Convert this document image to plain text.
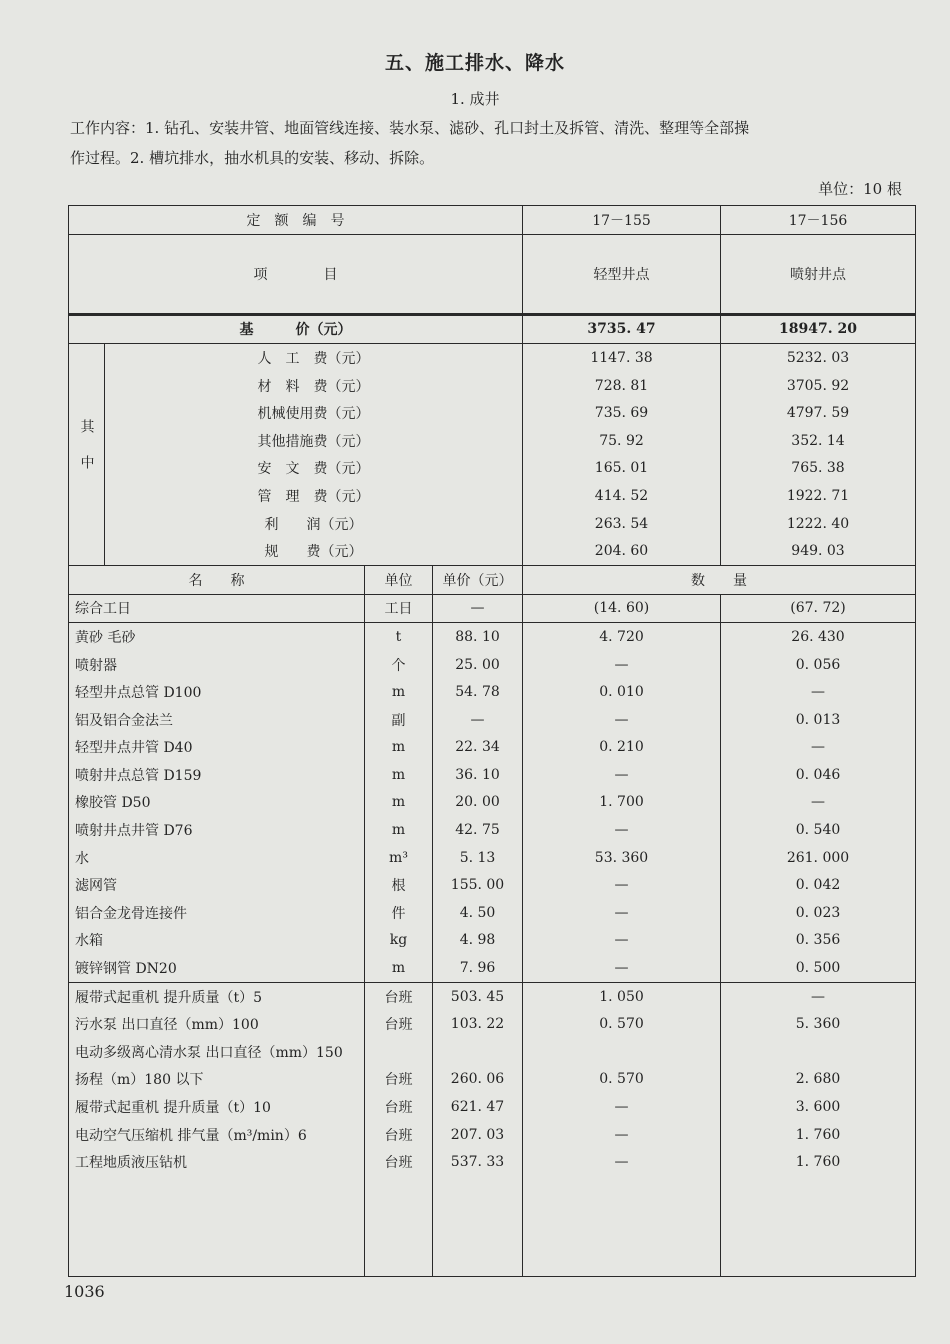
五、施工排水、降水
1. 成井
工作内容：1. 钻孔、安装井管、地面管线连接、装水泵、滤砂、孔口封土及拆管、清洗、整理等全部操
作过程。2. 槽坑排水，抽水机具的安装、移动、拆除。
单位：10 根
定　额　编　号				17－155	17－156
项　　　　目				轻型井点	喷射井点
基　　　价（元）				3735. 47	18947. 20
其中	人　工　费（元）			1147. 38	5232. 03
	材　料　费（元）			728. 81	3705. 92
	机械使用费（元）			735. 69	4797. 59
	其他措施费（元）			75. 92	352. 14
	安　文　费（元）			165. 01	765. 38
	管　理　费（元）			414. 52	1922. 71
	利　　润（元）			263. 54	1222. 40
	规　　费（元）			204. 60	949. 03
名　　称		单位	单价（元）	数　　量	
综合工日		工日	—	(14. 60)	(67. 72)
黄砂 毛砂		t	88. 10	4. 720	26. 430
喷射器		个	25. 00	—	0. 056
轻型井点总管 D100		m	54. 78	0. 010	—
铝及铝合金法兰		副	—	—	0. 013
轻型井点井管 D40		m	22. 34	0. 210	—
喷射井点总管 D159		m	36. 10	—	0. 046
橡胶管 D50		m	20. 00	1. 700	—
喷射井点井管 D76		m	42. 75	—	0. 540
水		m³	5. 13	53. 360	261. 000
滤网管		根	155. 00	—	0. 042
铝合金龙骨连接件		件	4. 50	—	0. 023
水箱		kg	4. 98	—	0. 356
镀锌钢管 DN20		m	7. 96	—	0. 500
履带式起重机 提升质量（t）5		台班	503. 45	1. 050	—
污水泵 出口直径（mm）100		台班	103. 22	0. 570	5. 360
电动多级离心清水泵 出口直径（mm）150					
扬程（m）180 以下		台班	260. 06	0. 570	2. 680
履带式起重机 提升质量（t）10		台班	621. 47	—	3. 600
电动空气压缩机 排气量（m³/min）6		台班	207. 03	—	1. 760
工程地质液压钻机		台班	537. 33	—	1. 760

1036
